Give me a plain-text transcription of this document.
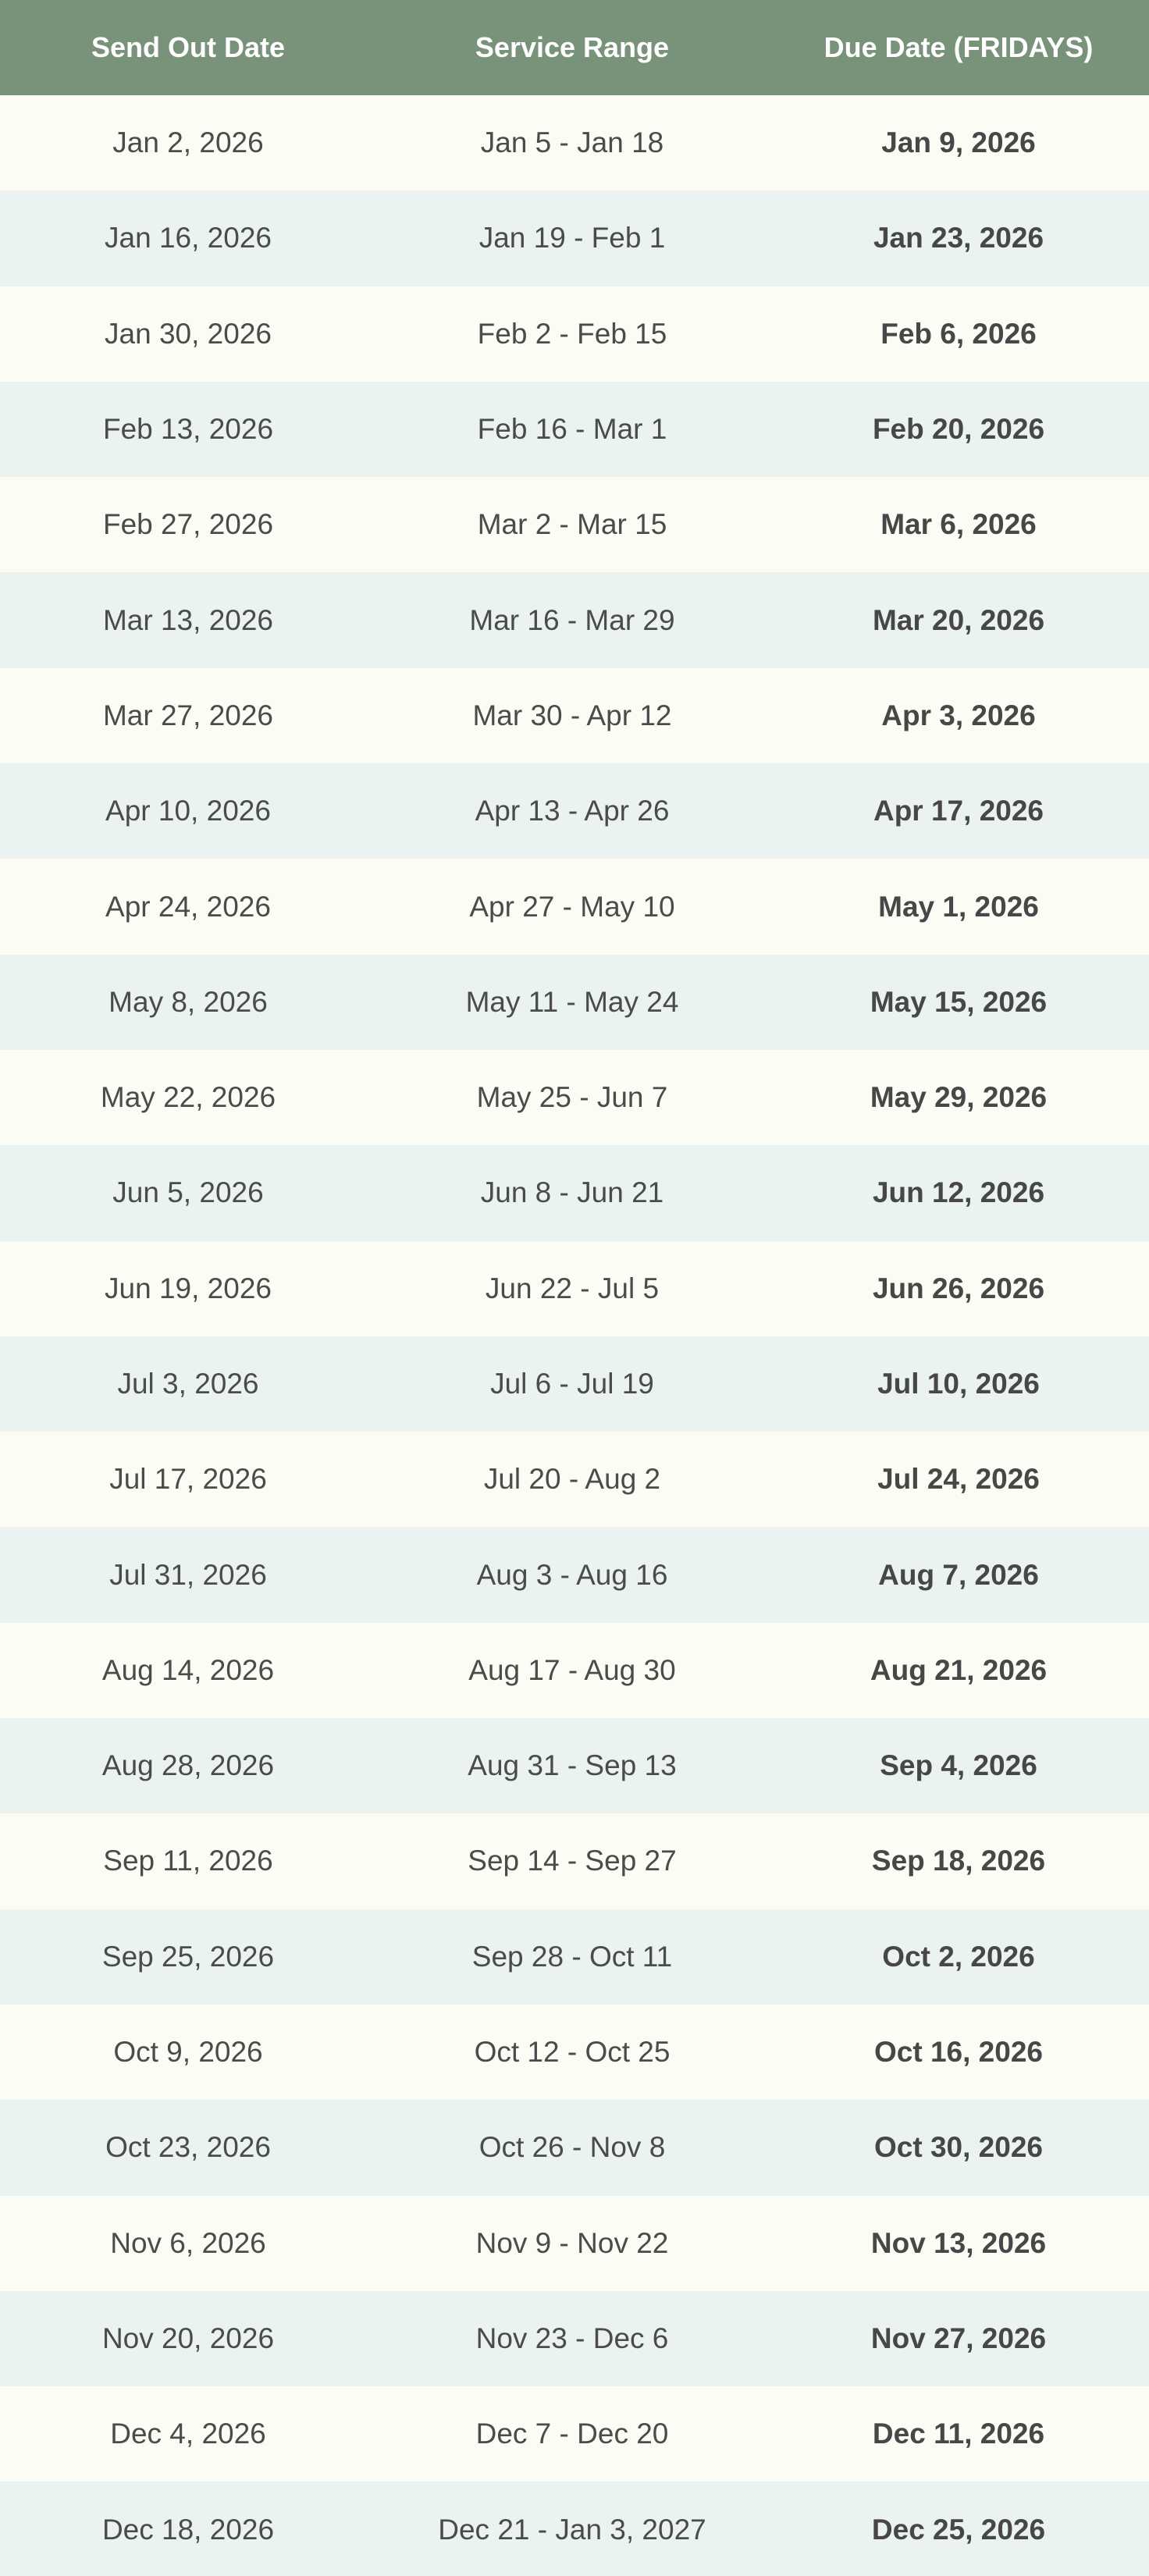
Send Out Date	Service Range	Due Date (FRIDAYS)
Jan 2, 2026	Jan 5 - Jan 18	Jan 9, 2026
Jan 16, 2026	Jan 19 - Feb 1	Jan 23, 2026
Jan 30, 2026	Feb 2 - Feb 15	Feb 6, 2026
Feb 13, 2026	Feb 16 - Mar 1	Feb 20, 2026
Feb 27, 2026	Mar 2 - Mar 15	Mar 6, 2026
Mar 13, 2026	Mar 16 - Mar 29	Mar 20, 2026
Mar 27, 2026	Mar 30 - Apr 12	Apr 3, 2026
Apr 10, 2026	Apr 13 - Apr 26	Apr 17, 2026
Apr 24, 2026	Apr 27 - May 10	May 1, 2026
May 8, 2026	May 11 - May 24	May 15, 2026
May 22, 2026	May 25 - Jun 7	May 29, 2026
Jun 5, 2026	Jun 8 - Jun 21	Jun 12, 2026
Jun 19, 2026	Jun 22 - Jul 5	Jun 26, 2026
Jul 3, 2026	Jul 6 - Jul 19	Jul 10, 2026
Jul 17, 2026	Jul 20 - Aug 2	Jul 24, 2026
Jul 31, 2026	Aug 3 - Aug 16	Aug 7, 2026
Aug 14, 2026	Aug 17 - Aug 30	Aug 21, 2026
Aug 28, 2026	Aug 31 - Sep 13	Sep 4, 2026
Sep 11, 2026	Sep 14 - Sep 27	Sep 18, 2026
Sep 25, 2026	Sep 28 - Oct 11	Oct 2, 2026
Oct 9, 2026	Oct 12 - Oct 25	Oct 16, 2026
Oct 23, 2026	Oct 26 - Nov 8	Oct 30, 2026
Nov 6, 2026	Nov 9 - Nov 22	Nov 13, 2026
Nov 20, 2026	Nov 23 - Dec 6	Nov 27, 2026
Dec 4, 2026	Dec 7 - Dec 20	Dec 11, 2026
Dec 18, 2026	Dec 21 - Jan 3, 2027	Dec 25, 2026
